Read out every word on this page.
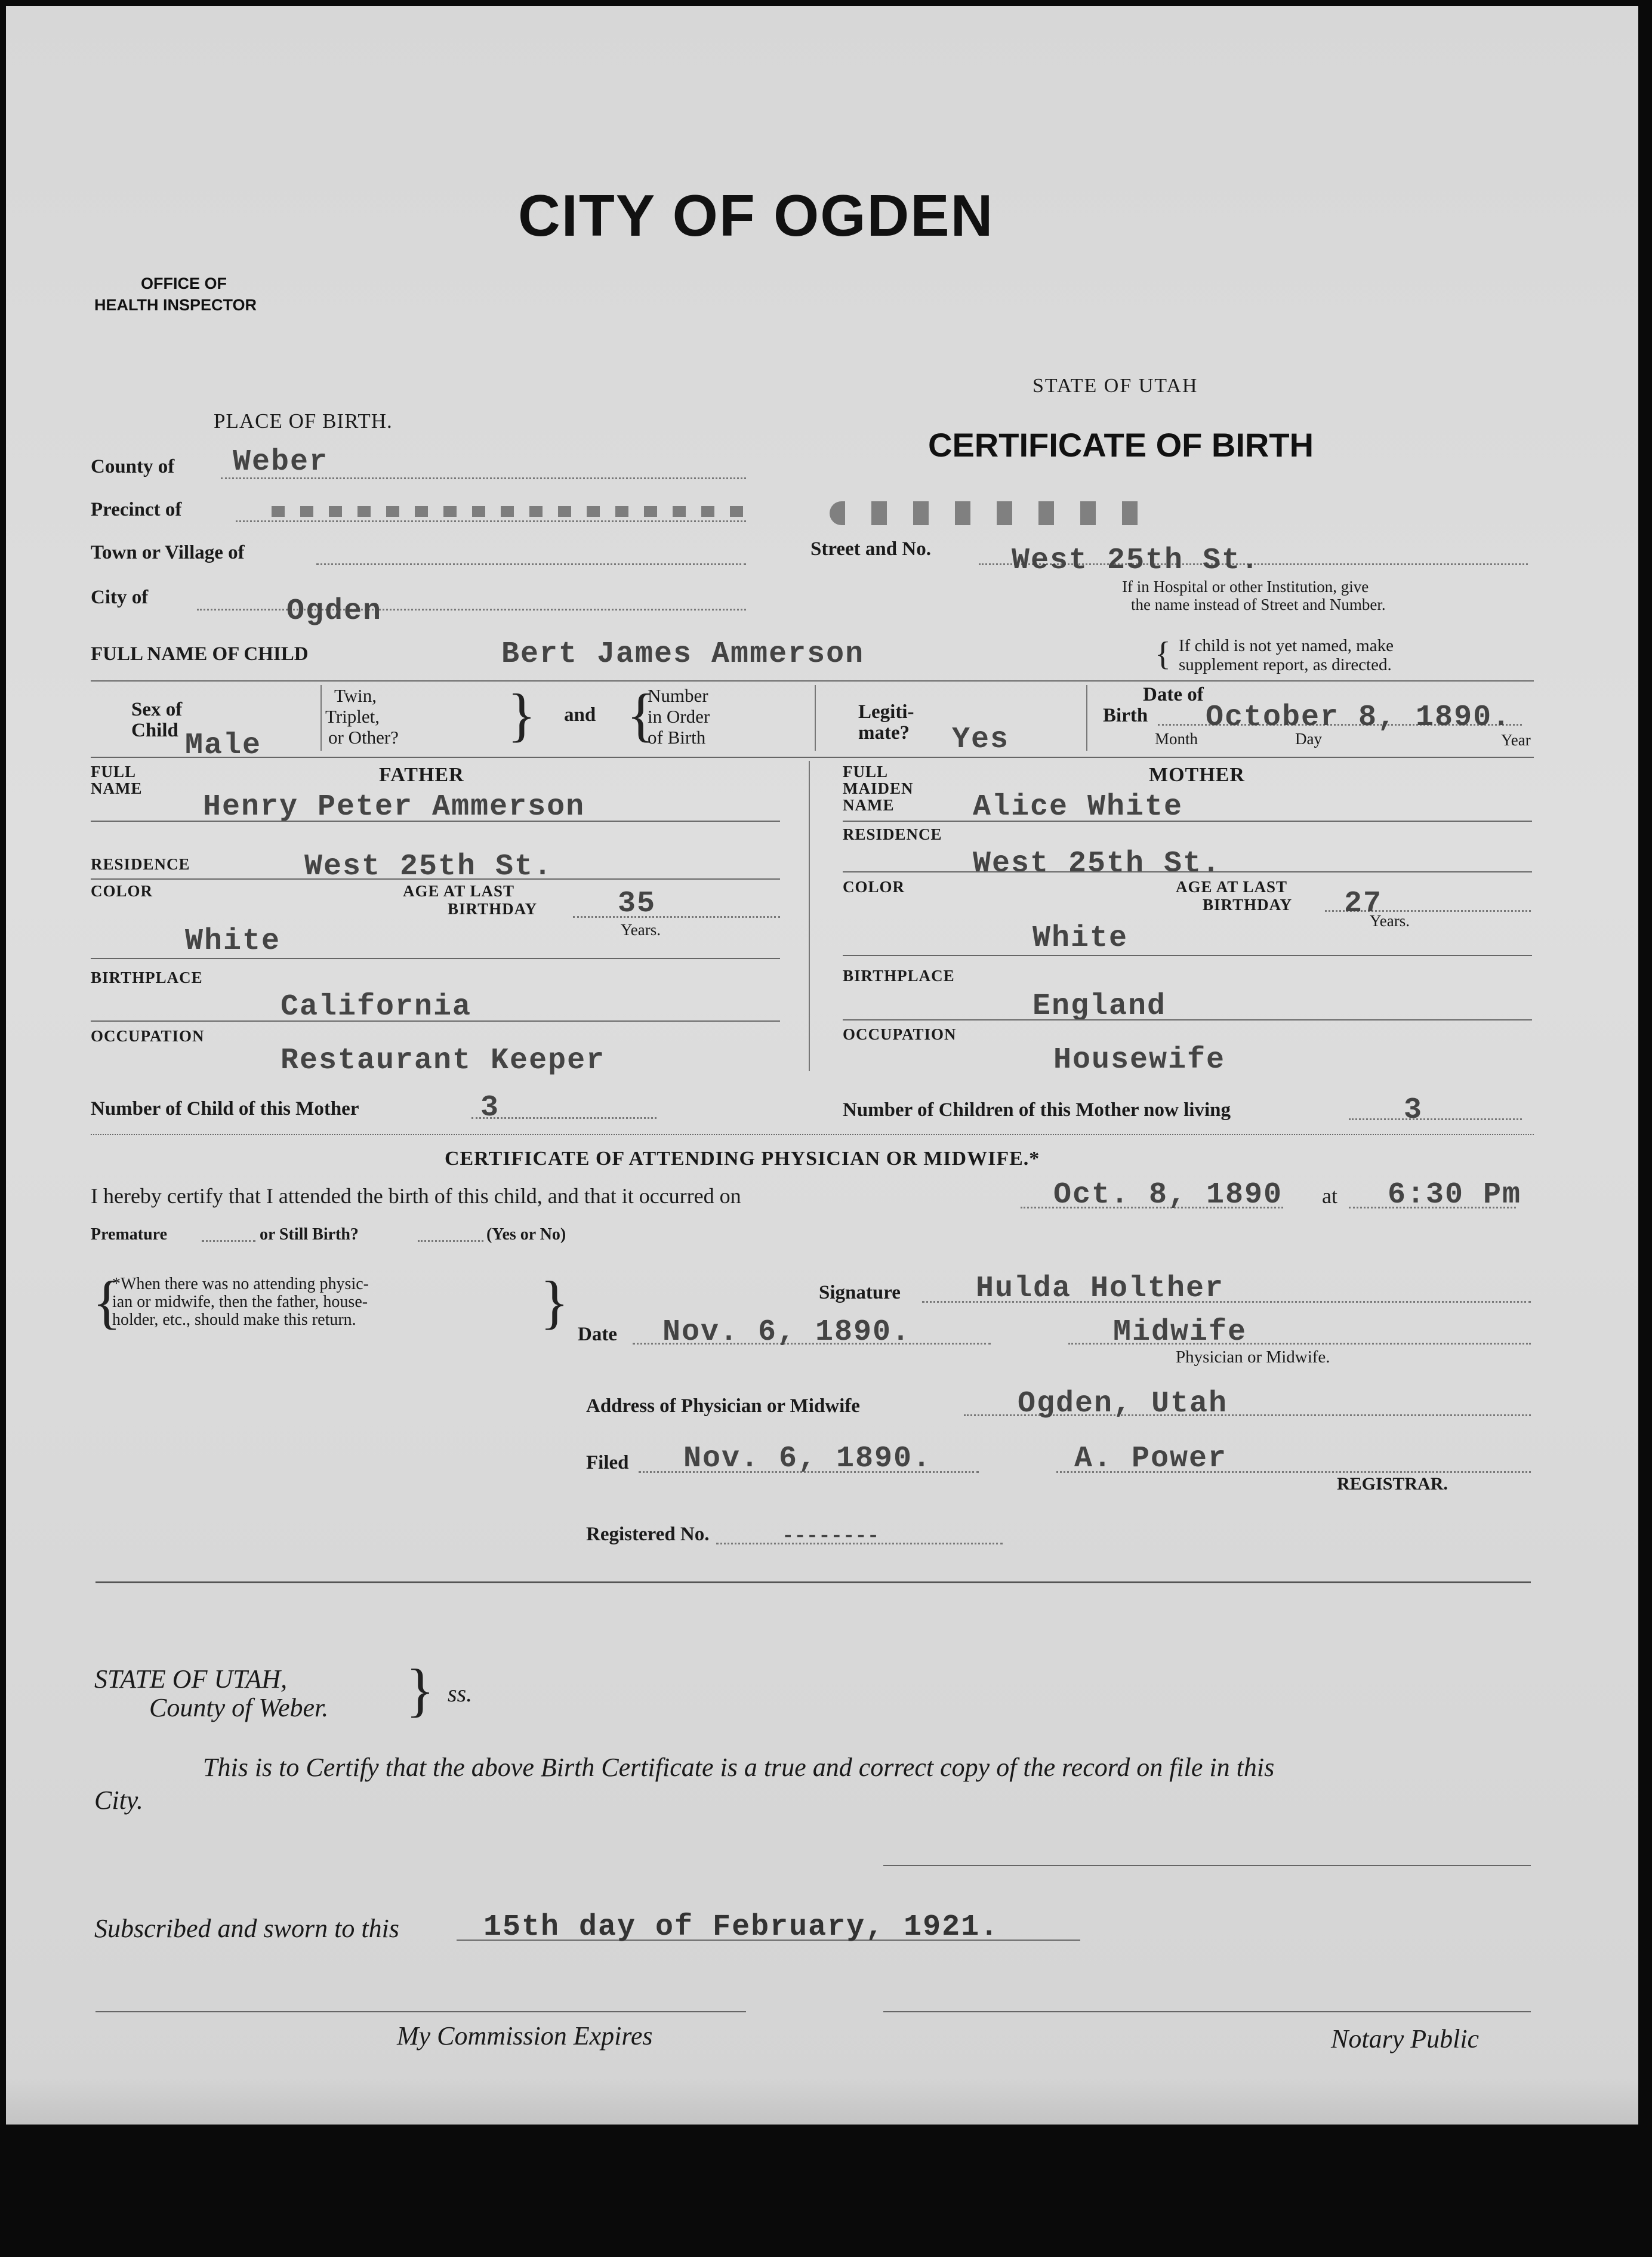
CITY OF OGDEN
OFFICE OF
HEALTH INSPECTOR
STATE OF UTAH
CERTIFICATE OF BIRTH
PLACE OF BIRTH.
County of Weber
Precinct of
Town or Village of
City of	Ogden
Street and No.	West 25th St.
If in Hospital or other Institution, give
the name instead of Street and Number.
FULL NAME OF CHILD	Bert James Ammerson	{ If child is not yet named, make
supplement report, as directed.
Sex of
Child Male
Twin,
Triplet,
or Other? } and {
Number
in Order
of Birth
Legiti-
mate? Yes
Date of
Birth October 8, 1890.
Month	Day	Year
FULL
NAME
FATHER
Henry Peter Ammerson
RESIDENCE	West 25th St.
COLOR	AGE AT LAST
BIRTHDAY	35
Years.
White
BIRTHPLACE
California
OCCUPATION
Restaurant Keeper
Number of Child of this Mother	3
FULL
MAIDEN
NAME
MOTHER
Alice White
RESIDENCE
West 25th St.
COLOR	AGE AT LAST
BIRTHDAY 27
Years.
White
BIRTHPLACE
England
OCCUPATION
Housewife
Number of Children of this Mother now living	3
CERTIFICATE OF ATTENDING PHYSICIAN OR MIDWIFE.*
I hereby certify that I attended the birth of this child, and that it occurred on	Oct. 8, 1890 at 6:30 Pm
Premature	or Still Birth?	(Yes or No)
{
*When there was no attending physic-
ian or midwife, then the father, house-
holder, etc., should make this return.	}	Signature	Hulda Holther
Date Nov. 6, 1890.	Midwife
Physician or Midwife.
Address of Physician or Midwife	Ogden, Utah
Filed Nov. 6, 1890.	A. Power
REGISTRAR.
Registered No.	--------
STATE OF UTAH,
County of Weber. } ss.
This is to Certify that the above Birth Certificate is a true and correct copy of the record on file in this
City.
Subscribed and sworn to this	15th day of February, 1921.
My Commission Expires	Notary Public
